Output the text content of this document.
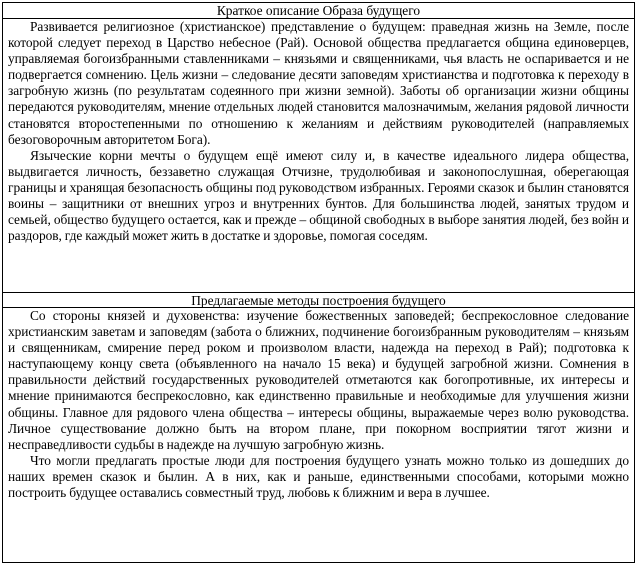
Краткое описание Образа будущего

Развивается религиозное (христианское) представление о будущем: праведная жизнь на Земле, после которой следует переход в Царство небесное (Рай). Основой общества предлагается община единоверцев, управляемая богоизбранными ставленниками – князьями и священниками, чья власть не оспаривается и не подвергается сомнению. Цель жизни – следование десяти заповедям христианства и подготовка к переходу в загробную жизнь (по результатам содеянного при жизни земной). Заботы об организации жизни общины передаются руководителям, мнение отдельных людей становится малозначимым, желания рядовой личности становятся второстепенными по отношению к желаниям и действиям руководителей (направляемых безоговорочным авторитетом Бога).

Языческие корни мечты о будущем ещё имеют силу и, в качестве идеального лидера общества, выдвигается личность, беззаветно служащая Отчизне, трудолюбивая и законопослушная, оберегающая границы и хранящая безопасность общины под руководством избранных. Героями сказок и былин становятся воины – защитники от внешних угроз и внутренних бунтов. Для большинства людей, занятых трудом и семьей, общество будущего остается, как и прежде – общиной свободных в выборе занятия людей, без войн и раздоров, где каждый может жить в достатке и здоровье, помогая соседям.

Предлагаемые методы построения будущего

Со стороны князей и духовенства: изучение божественных заповедей; беспрекословное следование христианским заветам и заповедям (забота о ближних, подчинение богоизбранным руководителям – князьям и священникам, смирение перед роком и произволом власти, надежда на переход в Рай); подготовка к наступающему концу света (объявленного на начало 15 века) и будущей загробной жизни. Сомнения в правильности действий государственных руководителей отметаются как богопротивные, их интересы и мнение принимаются беспрекословно, как единственно правильные и необходимые для улучшения жизни общины. Главное для рядового члена общества – интересы общины, выражаемые через волю руководства. Личное существование должно быть на втором плане, при покорном восприятии тягот жизни и несправедливости судьбы в надежде на лучшую загробную жизнь.

Что могли предлагать простые люди для построения будущего узнать можно только из дошедших до наших времен сказок и былин. А в них, как и раньше, единственными способами, которыми можно построить будущее оставались совместный труд, любовь к ближним и вера в лучшее.
